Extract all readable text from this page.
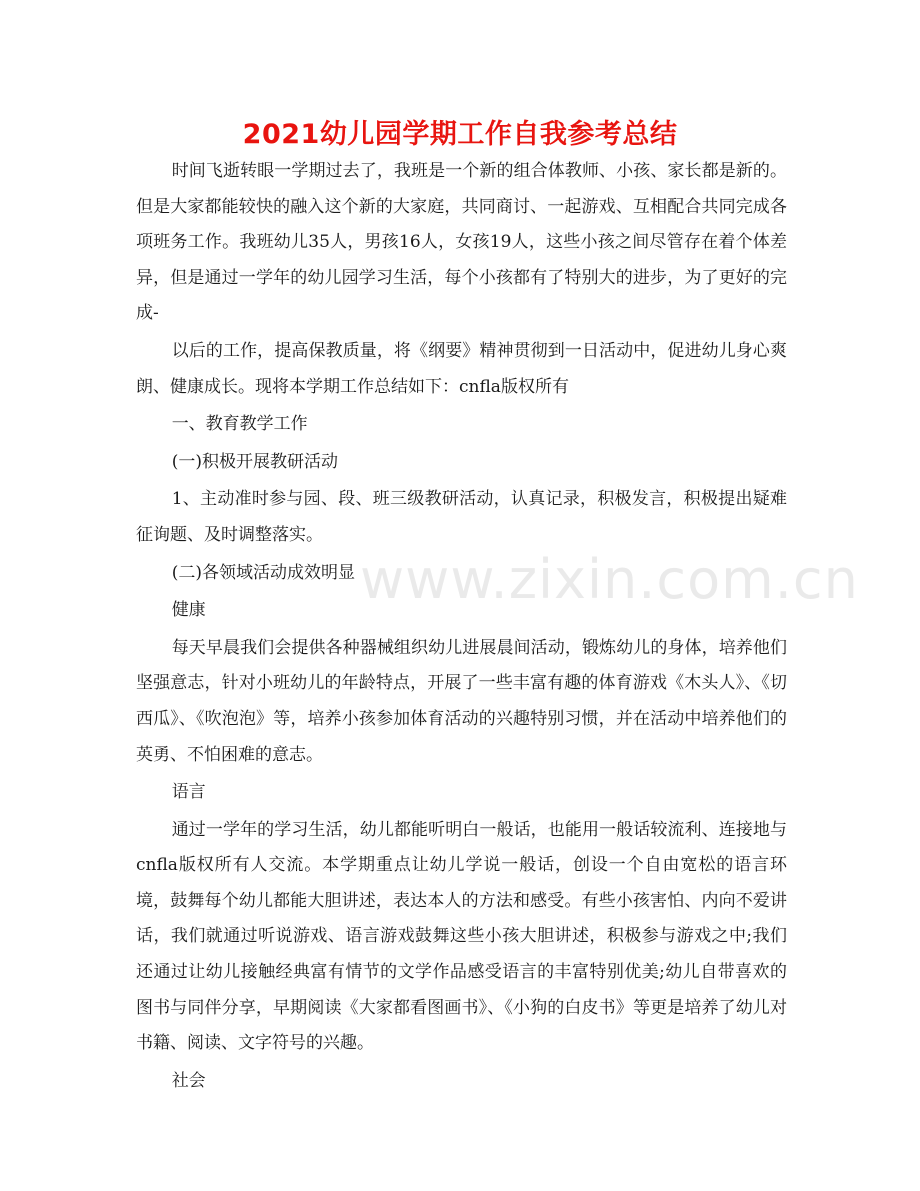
2021幼儿园学期工作自我参考总结

时间飞逝转眼一学期过去了，我班是一个新的组合体教师、小孩、家长都是新的。但是大家都能较快的融入这个新的大家庭，共同商讨、一起游戏、互相配合共同完成各项班务工作。我班幼儿35人，男孩16人，女孩19人，这些小孩之间尽管存在着个体差异，但是通过一学年的幼儿园学习生活，每个小孩都有了特别大的进步，为了更好的完成-

以后的工作，提高保教质量，将《纲要》精神贯彻到一日活动中，促进幼儿身心爽朗、健康成长。现将本学期工作总结如下：cnfla版权所有

一、教育教学工作

(一)积极开展教研活动

1、主动准时参与园、段、班三级教研活动，认真记录，积极发言，积极提出疑难征询题、及时调整落实。

(二)各领域活动成效明显

健康

每天早晨我们会提供各种器械组织幼儿进展晨间活动，锻炼幼儿的身体，培养他们坚强意志，针对小班幼儿的年龄特点，开展了一些丰富有趣的体育游戏《木头人》、《切西瓜》、《吹泡泡》等，培养小孩参加体育活动的兴趣特别习惯，并在活动中培养他们的英勇、不怕困难的意志。

语言

通过一学年的学习生活，幼儿都能听明白一般话，也能用一般话较流利、连接地与cnfla版权所有人交流。本学期重点让幼儿学说一般话，创设一个自由宽松的语言环境，鼓舞每个幼儿都能大胆讲述，表达本人的方法和感受。有些小孩害怕、内向不爱讲话，我们就通过听说游戏、语言游戏鼓舞这些小孩大胆讲述，积极参与游戏之中;我们还通过让幼儿接触经典富有情节的文学作品感受语言的丰富特别优美;幼儿自带喜欢的图书与同伴分享，早期阅读《大家都看图画书》、《小狗的白皮书》等更是培养了幼儿对书籍、阅读、文字符号的兴趣。

社会

www.zixin.com.cn
